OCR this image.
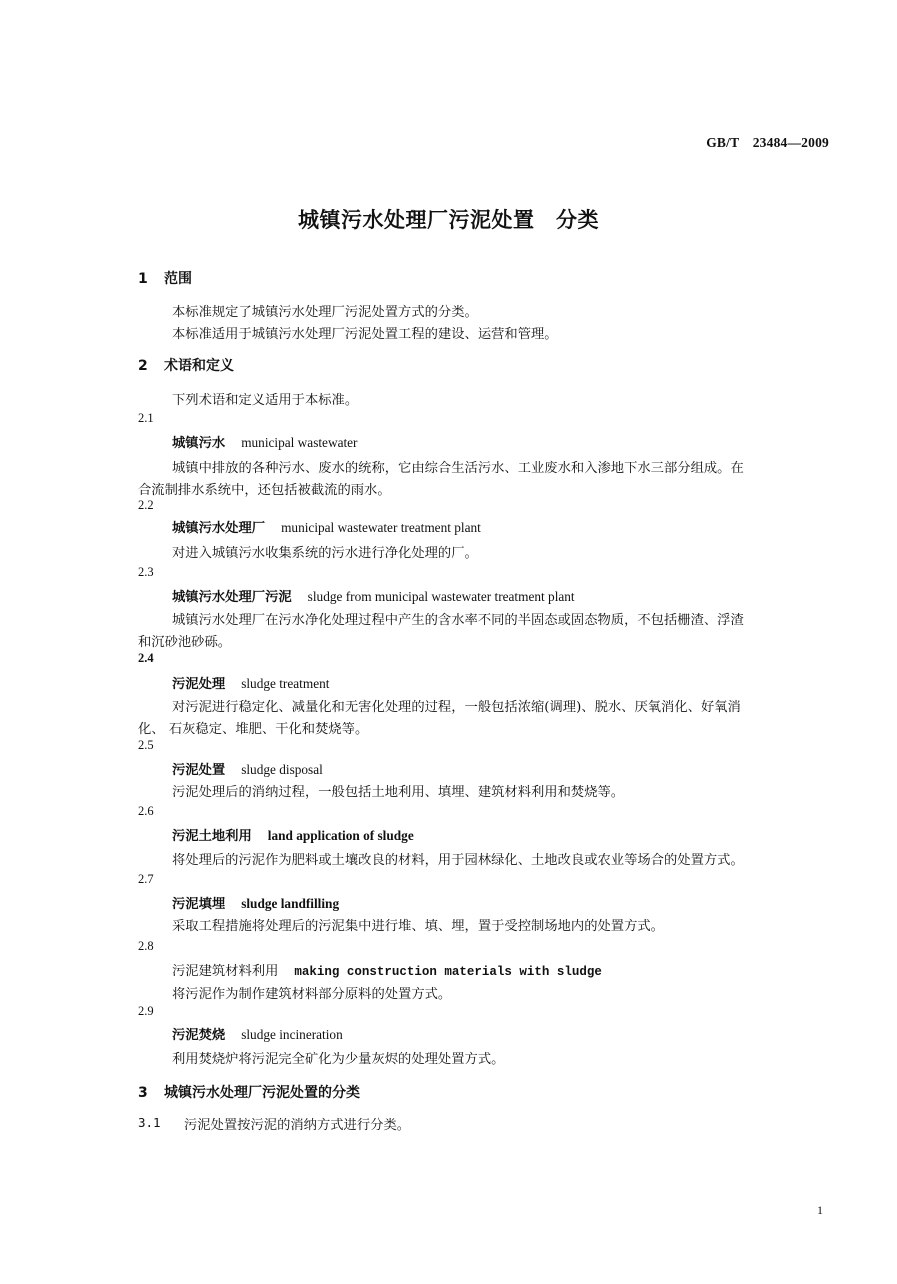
GB/T　23484—2009
城镇污水处理厂污泥处置　分类
1 范围
本标准规定了城镇污水处理厂污泥处置方式的分类。
本标准适用于城镇污水处理厂污泥处置工程的建设、运营和管理。
2 术语和定义
下列术语和定义适用于本标准。
2.1
城镇污水 municipal wastewater
城镇中排放的各种污水、废水的统称，它由综合生活污水、工业废水和入渗地下水三部分组成。在
合流制排水系统中，还包括被截流的雨水。
2.2
城镇污水处理厂 municipal wastewater treatment plant
对进入城镇污水收集系统的污水进行净化处理的厂。
2.3
城镇污水处理厂污泥 sludge from municipal wastewater treatment plant
城镇污水处理厂在污水净化处理过程中产生的含水率不同的半固态或固态物质，不包括栅渣、浮渣
和沉砂池砂砾。
2.4
污泥处理 sludge treatment
对污泥进行稳定化、减量化和无害化处理的过程，一般包括浓缩(调理)、脱水、厌氧消化、好氧消
化、 石灰稳定、堆肥、干化和焚烧等。
2.5
污泥处置 sludge disposal
污泥处理后的消纳过程，一般包括土地利用、填埋、建筑材料利用和焚烧等。
2.6
污泥土地利用 land application of sludge
将处理后的污泥作为肥料或土壤改良的材料，用于园林绿化、土地改良或农业等场合的处置方式。
2.7
污泥填埋 sludge landfilling
采取工程措施将处理后的污泥集中进行堆、填、埋，置于受控制场地内的处置方式。
2.8
污泥建筑材料利用 making construction materials with sludge
将污泥作为制作建筑材料部分原料的处置方式。
2.9
污泥焚烧 sludge incineration
利用焚烧炉将污泥完全矿化为少量灰烬的处理处置方式。
3 城镇污水处理厂污泥处置的分类
3.1 污泥处置按污泥的消纳方式进行分类。
1
